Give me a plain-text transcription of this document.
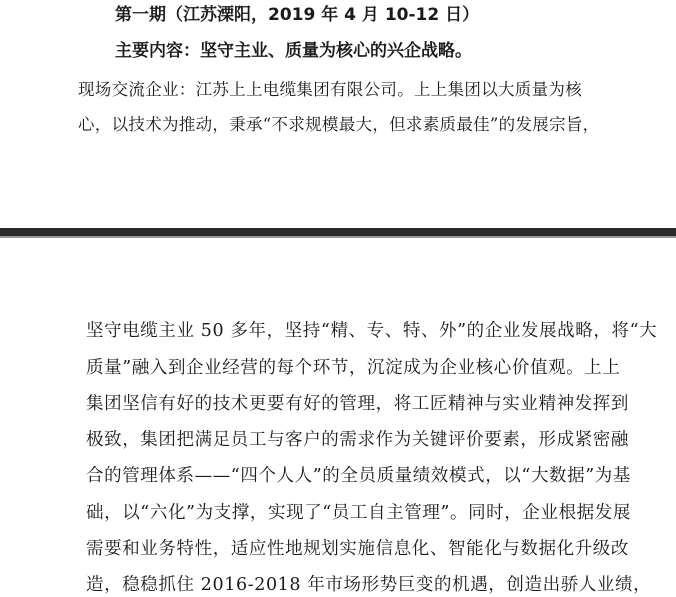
第一期（江苏溧阳，2019 年 4 月 10-12 日）
主要内容：坚守主业、质量为核心的兴企战略。
现场交流企业：江苏上上电缆集团有限公司。上上集团以大质量为核
心，以技术为推动，秉承“不求规模最大，但求素质最佳”的发展宗旨，
坚守电缆主业 50 多年，坚持“精、专、特、外”的企业发展战略，将“大
质量”融入到企业经营的每个环节，沉淀成为企业核心价值观。上上
集团坚信有好的技术更要有好的管理，将工匠精神与实业精神发挥到
极致，集团把满足员工与客户的需求作为关键评价要素，形成紧密融
合的管理体系——“四个人人”的全员质量绩效模式，以“大数据”为基
础，以“六化”为支撑，实现了“员工自主管理”。同时，企业根据发展
需要和业务特性，适应性地规划实施信息化、智能化与数据化升级改
造，稳稳抓住 2016-2018 年市场形势巨变的机遇，创造出骄人业绩，
